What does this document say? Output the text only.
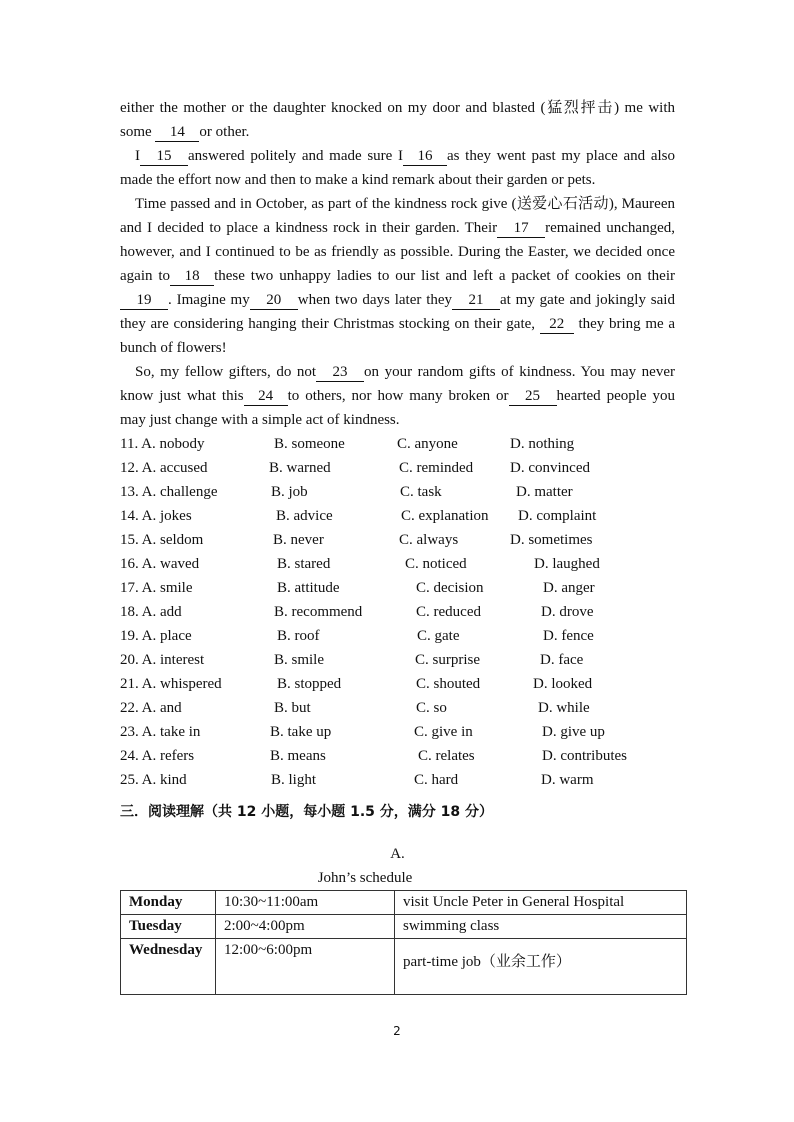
either the mother or the daughter knocked on my door and blasted (猛烈抨击) me with some 14 or other.

I 15 answered politely and made sure I 16 as they went past my place and also made the effort now and then to make a kind remark about their garden or pets.

Time passed and in October, as part of the kindness rock give (送爱心石活动), Maureen and I decided to place a kindness rock in their garden. Their 17 remained unchanged, however, and I continued to be as friendly as possible. During the Easter, we decided once again to 18 these two unhappy ladies to our list and left a packet of cookies on their19 . Imagine my 20 when two days later they 21 at my gate and jokingly said they are considering hanging their Christmas stocking on their gate, 22 they bring me a bunch of flowers!

So, my fellow gifters, do not 23 on your random gifts of kindness. You may never know just what this 24 to others, nor how many broken or 25 hearted people you may just change with a simple act of kindness.

11. A. nobody	B. someone	C. anyone	D. nothing
12. A. accused	B. warned	C. reminded D. convinced
13. A. challenge	B. job	C. task	D. matter
14. A. jokes	B. advice	C. explanation D. complaint
15. A. seldom	B. never	C. always	D. sometimes
16. A. waved	B. stared	C. noticed	D. laughed
17. A. smile	B. attitude	C. decision	D. anger
18. A. add	B. recommend	C. reduced	D. drove
19. A. place	B. roof	C. gate	D. fence
20. A. interest	B. smile	C. surprise	D. face
21. A. whispered	B. stopped	C. shouted	D. looked
22. A. and	B. but	C. so	D. while
23. A. take in	B. take up	C. give in	D. give up
24. A. refers	B. means	C. relates	D. contributes
25. A. kind	B. light	C. hard	D. warm
三．阅读理解（共 12 小题，每小题 1.5 分，满分 18 分）
A.
John’s schedule
Monday	10:30~11:00am	visit Uncle Peter in General Hospital
Tuesday	2:00~4:00pm	swimming class
Wednesday	12:00~6:00pm	part-time job（业余工作）
2
